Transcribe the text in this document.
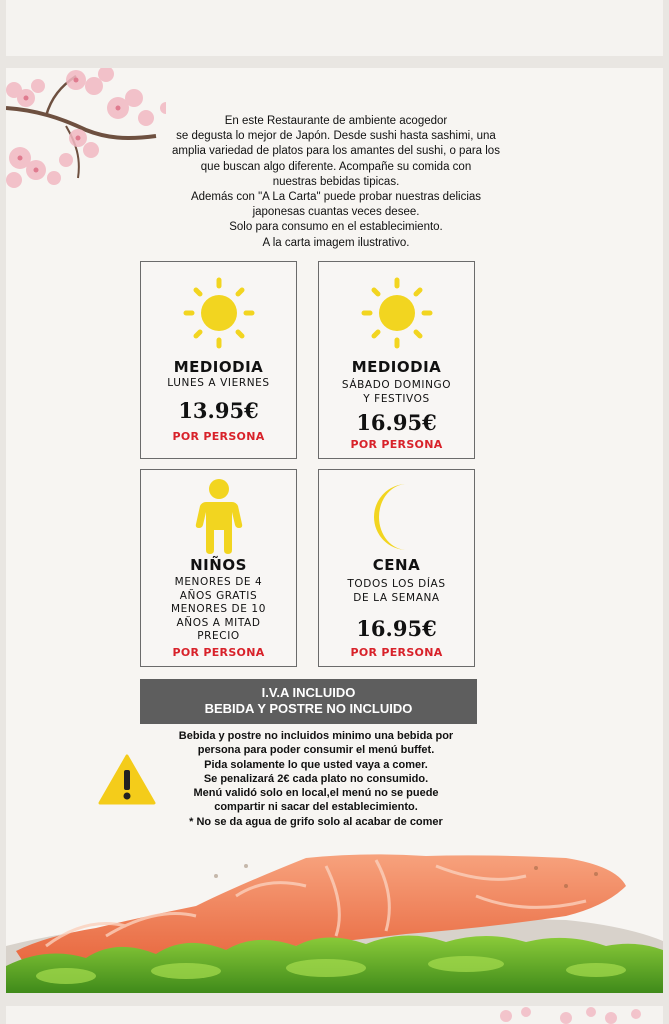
En este Restaurante de ambiente acogedor
se degusta lo mejor de Japón. Desde sushi hasta sashimi, una
amplia variedad de platos para los amantes del sushi, o para los
que buscan algo diferente. Acompañe su comida con
nuestras bebidas tipicas.
Además con "A La Carta" puede probar nuestras delicias
japonesas cuantas veces desee.
Solo para consumo en el establecimiento.
A la carta imagem ilustrativo.
MEDIODIA
LUNES A VIERNES
13.95€
POR PERSONA
MEDIODIA
SÁBADO DOMINGO
Y FESTIVOS
16.95€
POR PERSONA
NIÑOS
MENORES DE 4
AÑOS GRATIS
MENORES DE 10
AÑOS A MITAD
PRECIO
POR PERSONA
CENA
TODOS LOS DÍAS
DE LA SEMANA
16.95€
POR PERSONA
I.V.A INCLUIDO
BEBIDA Y POSTRE NO INCLUIDO
Bebida y postre no incluidos minimo una bebida por
persona para poder consumir el menú buffet.
Pida solamente lo que usted vaya a comer.
Se penalizará 2€ cada plato no consumido.
Menú validó solo en local,el menú no se puede
compartir ni sacar del establecimiento.
* No se da agua de grifo solo al acabar de comer
